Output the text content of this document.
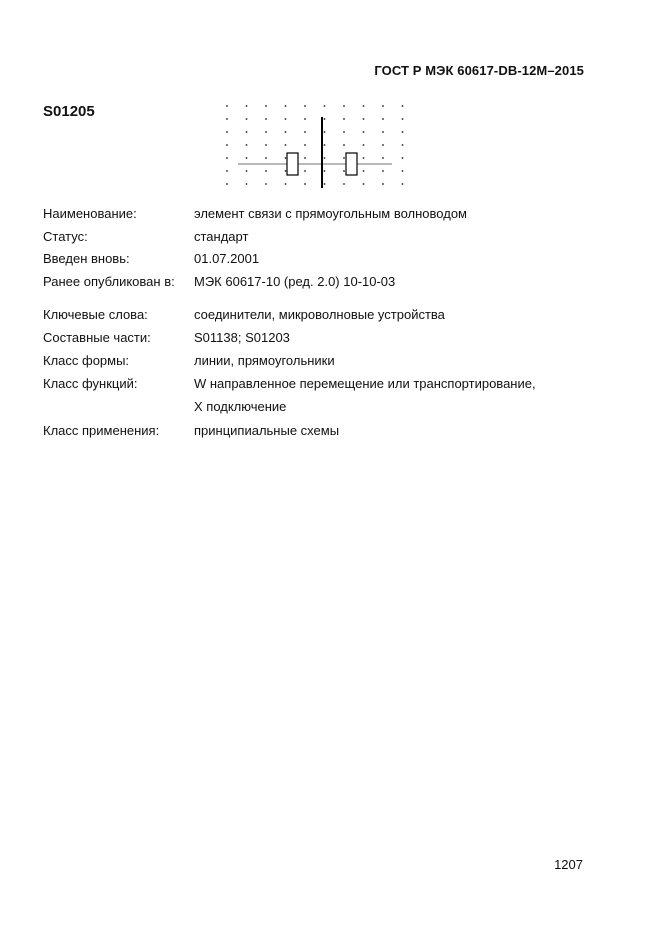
ГОСТ Р МЭК 60617-DB-12M–2015
S01205
Наименование:	элемент связи с прямоугольным волноводом
Статус:	стандарт
Введен вновь:	01.07.2001
Ранее опубликован в: МЭК 60617-10 (ред. 2.0) 10-10-03
Ключевые слова:	соединители, микроволновые устройства
Составные части:	S01138; S01203
Класс формы:	линии, прямоугольники
Класс функций:	W направленное перемещение или транспортирование,
X подключение
Класс применения:	принципиальные схемы
1207
